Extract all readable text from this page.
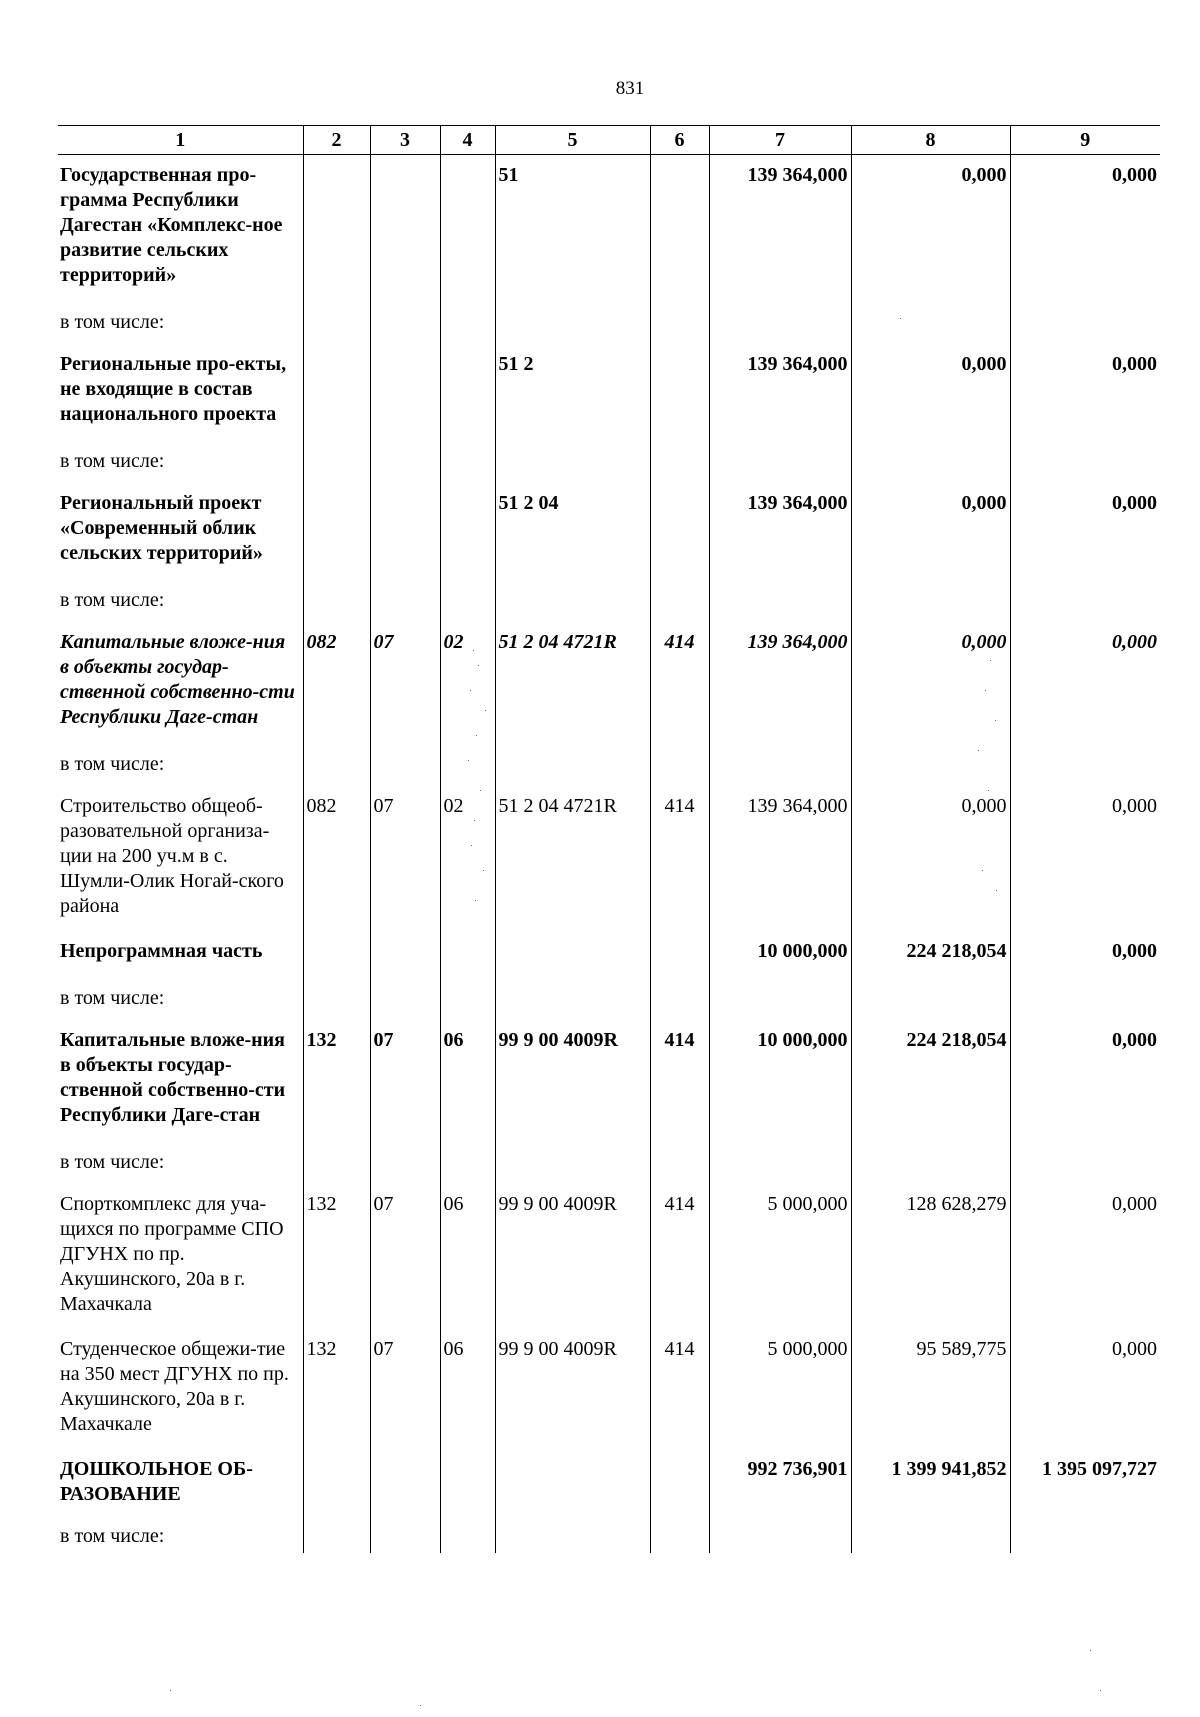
831
1	2	3	4	5	6	7	8	9
Государственная про-грамма Республики Дагестан «Комплекс-ное развитие сельских территорий»				51		139 364,000	0,000	0,000
в том числе:								
Региональные про-екты, не входящие в состав национального проекта				51 2		139 364,000	0,000	0,000
в том числе:								
Региональный проект «Современный облик сельских территорий»				51 2 04		139 364,000	0,000	0,000
в том числе:								
Капитальные вложе-ния в объекты государ-ственной собственно-сти Республики Даге-стан	082	07	02	51 2 04 4721R	414	139 364,000	0,000	0,000
в том числе:								
Строительство общеоб-разовательной организа-ции на 200 уч.м в с. Шумли-Олик Ногай-ского района	082	07	02	51 2 04 4721R	414	139 364,000	0,000	0,000
Непрограммная часть						10 000,000	224 218,054	0,000
в том числе:								
Капитальные вложе-ния в объекты государ-ственной собственно-сти Республики Даге-стан	132	07	06	99 9 00 4009R	414	10 000,000	224 218,054	0,000
в том числе:								
Спорткомплекс для уча-щихся по программе СПО ДГУНХ по пр. Акушинского, 20а в г. Махачкала	132	07	06	99 9 00 4009R	414	5 000,000	128 628,279	0,000
Студенческое общежи-тие на 350 мест ДГУНХ по пр. Акушинского, 20а в г. Махачкале	132	07	06	99 9 00 4009R	414	5 000,000	95 589,775	0,000
ДОШКОЛЬНОЕ ОБ-РАЗОВАНИЕ						992 736,901	1 399 941,852	1 395 097,727
в том числе:								
